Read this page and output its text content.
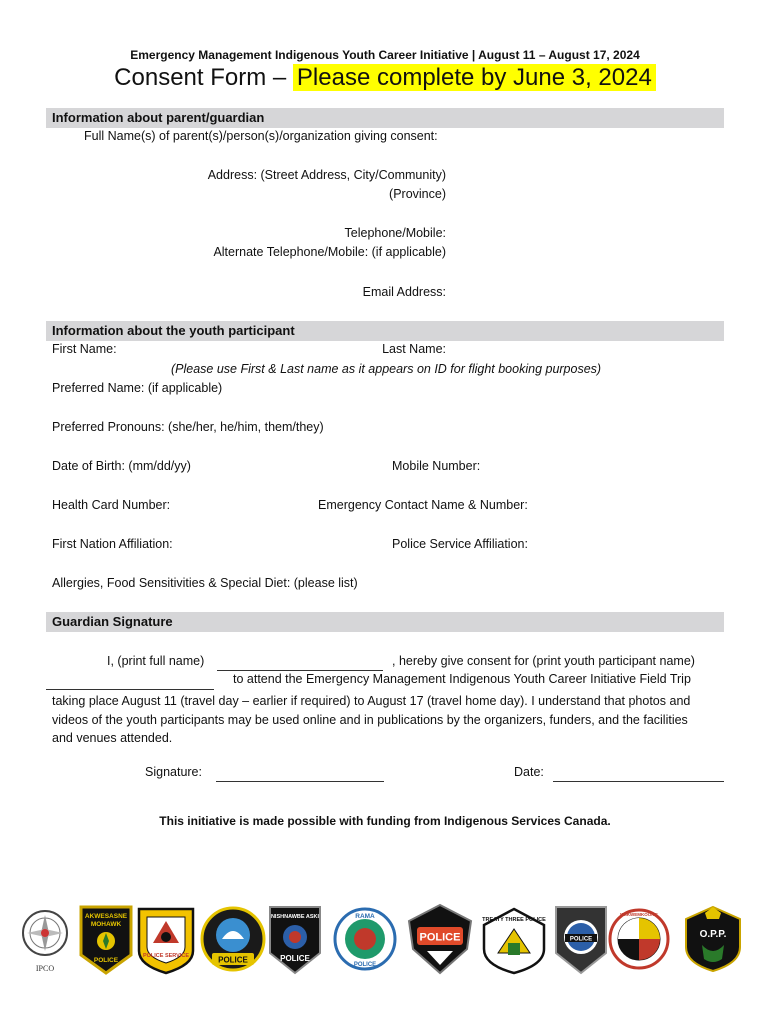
Emergency Management Indigenous Youth Career Initiative | August 11 – August 17, 2024
Consent Form – Please complete by June 3, 2024
Information about parent/guardian
Full Name(s) of parent(s)/person(s)/organization giving consent:
Address: (Street Address, City/Community)
(Province)
Telephone/Mobile:
Alternate Telephone/Mobile: (if applicable)
Email Address:
Information about the youth participant
First Name:	Last Name:
(Please use First & Last name as it appears on ID for flight booking purposes)
Preferred Name: (if applicable)
Preferred Pronouns: (she/her, he/him, them/they)
Date of Birth: (mm/dd/yy)	Mobile Number:
Health Card Number:	Emergency Contact Name & Number:
First Nation Affiliation:	Police Service Affiliation:
Allergies, Food Sensitivities & Special Diet: (please list)
Guardian Signature
I, (print full name)	, hereby give consent for (print youth participant name)
to attend the Emergency Management Indigenous Youth Career Initiative Field Trip
taking place August 11 (travel day – earlier if required) to August 17 (travel home day). I understand that photos and videos of the youth participants may be used online and in publications by the organizers, funders, and the facilities and venues attended.
Signature:	Date:
This initiative is made possible with funding from Indigenous Services Canada.
IPCO
AKWESASNE
MOHAWK
POLICE
POLICE SERVICE	POLICE
NISHNAWBE ASKI
POLICE
RAMA
POLICE
POLICE
TREATY THREE POLICE
POLICE
WIIKWEMKOONG
O.P.P.
